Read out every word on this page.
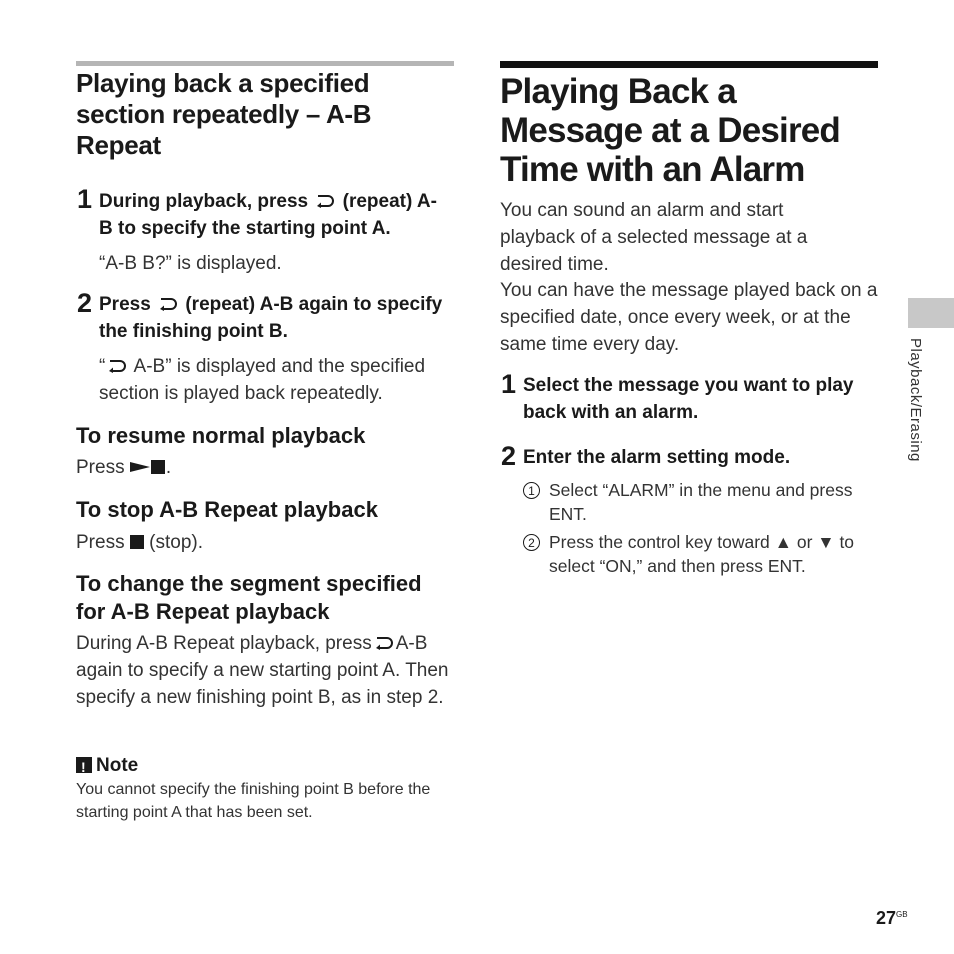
Playing back a specified section repeatedly – A-B Repeat
1 During playback, press (repeat) A-B to specify the starting point A.
“A-B B?” is displayed.
2 Press (repeat) A-B again to specify the finishing point B.
“ A-B” is displayed and the specified section is played back repeatedly.
To resume normal playback
Press .
To stop A-B Repeat playback
Press (stop).
To change the segment specified for A-B Repeat playback
During A-B Repeat playback, press A-B again to specify a new starting point A. Then specify a new finishing point B, as in step 2.
!Note
You cannot specify the finishing point B before the starting point A that has been set.
Playing Back a Message at a Desired Time with an Alarm
You can sound an alarm and start playback of a selected message at a desired time.
You can have the message played back on a specified date, once every week, or at the same time every day.
1 Select the message you want to play back with an alarm.
2 Enter the alarm setting mode.
1 Select “ALARM” in the menu and press ENT.
2 Press the control key toward ▲ or ▼ to select “ON,” and then press ENT.
Playback/Erasing
$27^{GB}$
